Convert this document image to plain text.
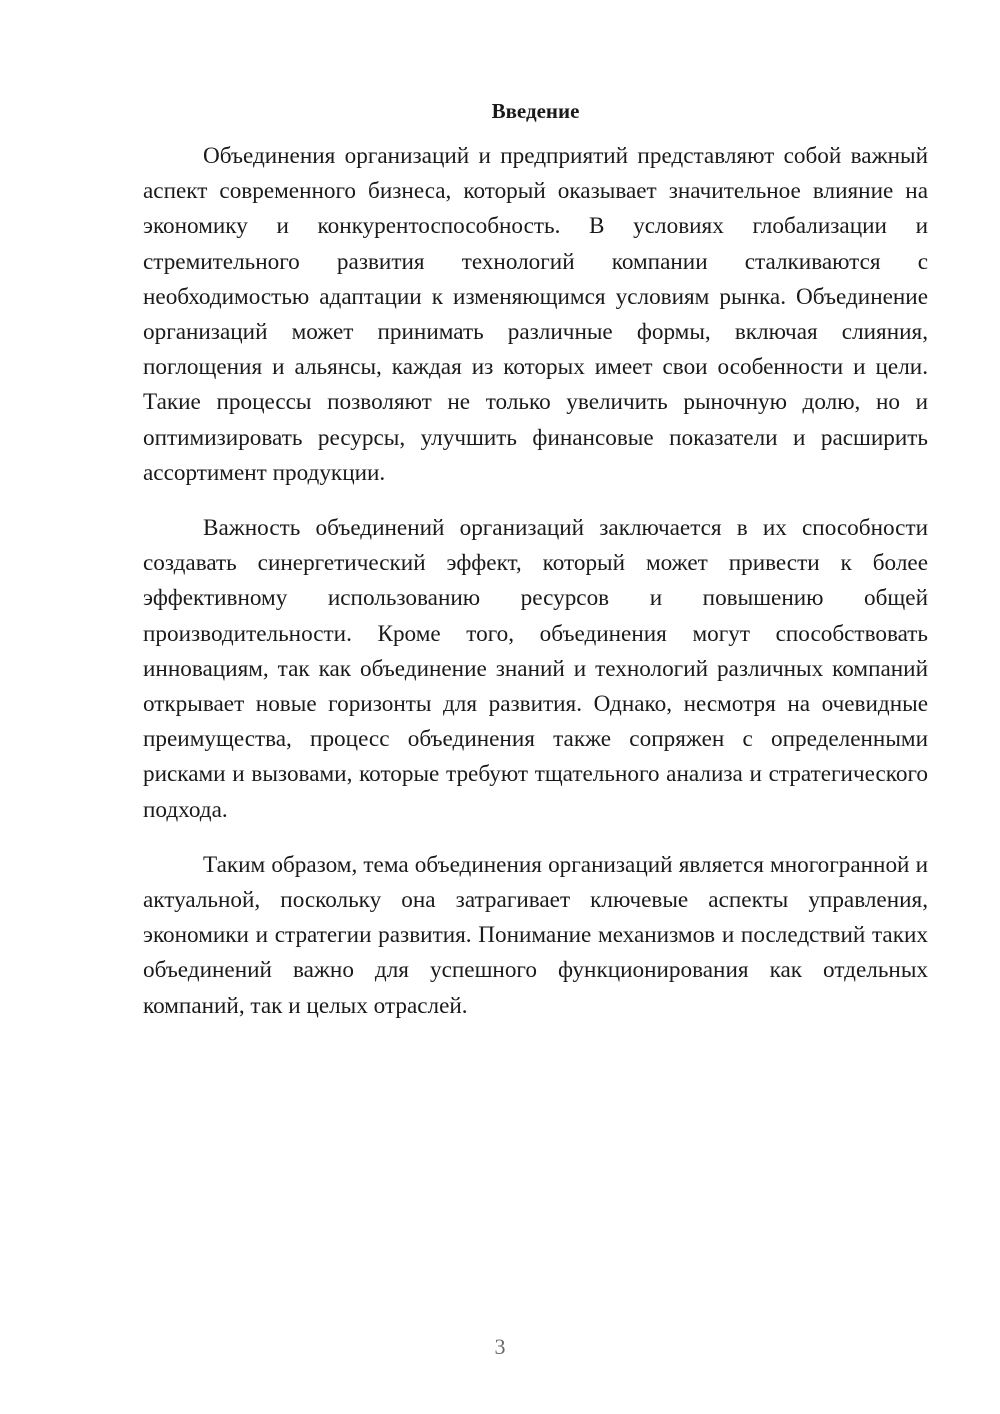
Введение

Объединения организаций и предприятий представляют собой важный аспект современного бизнеса, который оказывает значительное влияние на экономику и конкурентоспособность. В условиях глобализации и стремительного развития технологий компании сталкиваются с необходимостью адаптации к изменяющимся условиям рынка. Объединение организаций может принимать различные формы, включая слияния, поглощения и альянсы, каждая из которых имеет свои особенности и цели. Такие процессы позволяют не только увеличить рыночную долю, но и оптимизировать ресурсы, улучшить финансовые показатели и расширить ассортимент продукции.

Важность объединений организаций заключается в их способности создавать синергетический эффект, который может привести к более эффективному использованию ресурсов и повышению общей производительности. Кроме того, объединения могут способствовать инновациям, так как объединение знаний и технологий различных компаний открывает новые горизонты для развития. Однако, несмотря на очевидные преимущества, процесс объединения также сопряжен с определенными рисками и вызовами, которые требуют тщательного анализа и стратегического подхода.

Таким образом, тема объединения организаций является многогранной и актуальной, поскольку она затрагивает ключевые аспекты управления, экономики и стратегии развития. Понимание механизмов и последствий таких объединений важно для успешного функционирования как отдельных компаний, так и целых отраслей.

3
